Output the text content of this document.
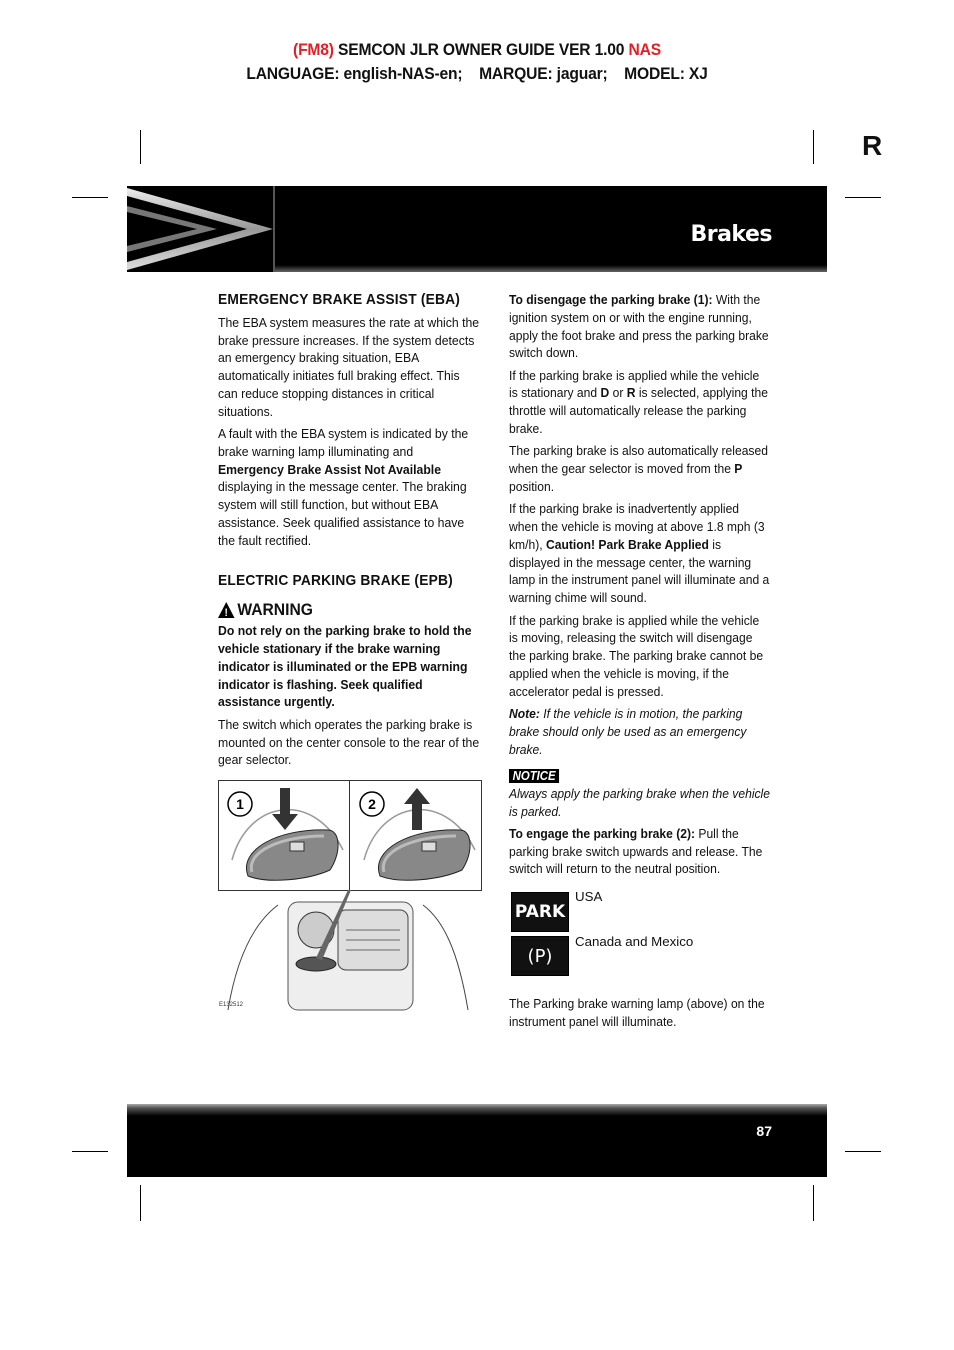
(FM8) SEMCON JLR OWNER GUIDE VER 1.00 NAS
LANGUAGE: english-NAS-en;    MARQUE: jaguar;    MODEL: XJ
R
Brakes
EMERGENCY BRAKE ASSIST (EBA)

The EBA system measures the rate at which the brake pressure increases. If the system detects an emergency braking situation, EBA automatically initiates full braking effect. This can reduce stopping distances in critical situations.

A fault with the EBA system is indicated by the brake warning lamp illuminating and Emergency Brake Assist Not Available displaying in the message center. The braking system will still function, but without EBA assistance. Seek qualified assistance to have the fault rectified.

ELECTRIC PARKING BRAKE (EPB)
! WARNING

Do not rely on the parking brake to hold the vehicle stationary if the brake warning indicator is illuminated or the EPB warning indicator is flashing. Seek qualified assistance urgently.

The switch which operates the parking brake is mounted on the center console to the rear of the gear selector.

1	2
E132512

To disengage the parking brake (1): With the ignition system on or with the engine running, apply the foot brake and press the parking brake switch down.

If the parking brake is applied while the vehicle is stationary and D or R is selected, applying the throttle will automatically release the parking brake.

The parking brake is also automatically released when the gear selector is moved from the P position.

If the parking brake is inadvertently applied when the vehicle is moving at above 1.8 mph (3 km/h), Caution! Park Brake Applied is displayed in the message center, the warning lamp in the instrument panel will illuminate and a warning chime will sound.

If the parking brake is applied while the vehicle is moving, releasing the switch will disengage the parking brake. The parking brake cannot be applied when the vehicle is moving, if the accelerator pedal is pressed.

Note: If the vehicle is in motion, the parking brake should only be used as an emergency brake.

NOTICE

Always apply the parking brake when the vehicle is parked.

To engage the parking brake (2): Pull the parking brake switch upwards and release. The switch will return to the neutral position.

PARK
USA
(P)
Canada and Mexico

The Parking brake warning lamp (above) on the instrument panel will illuminate.

87
